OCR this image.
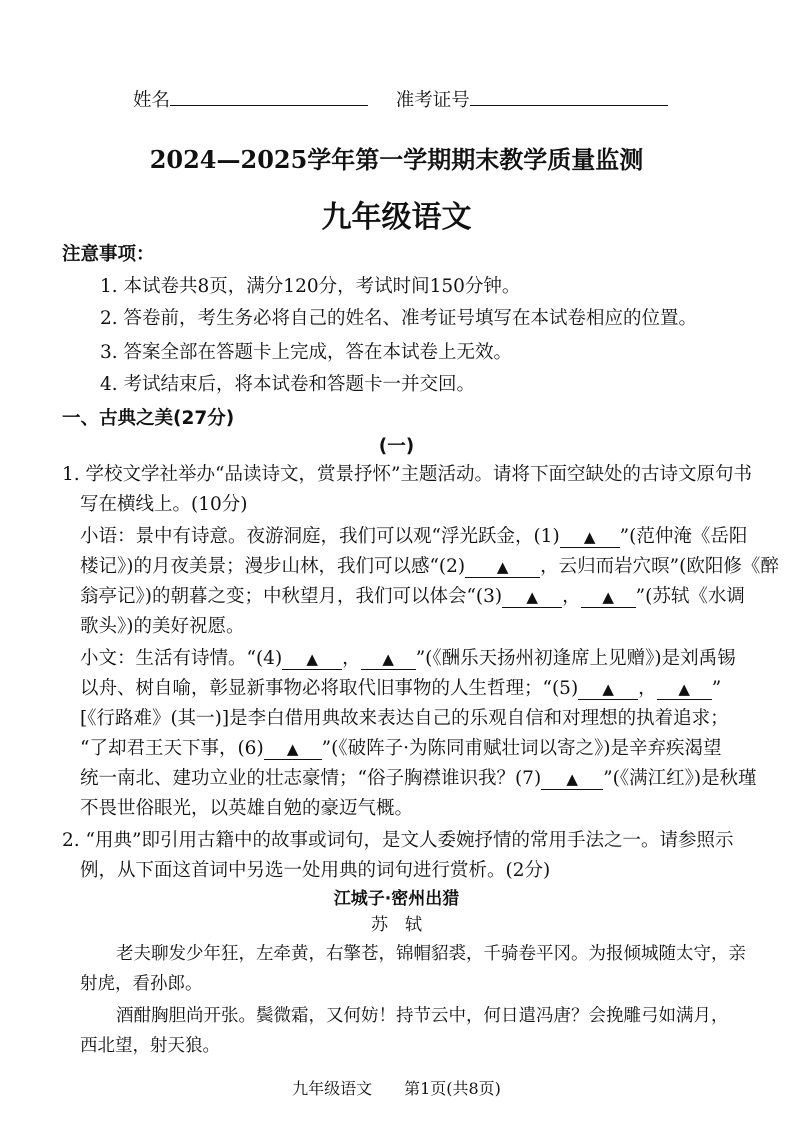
姓名	准考证号
2024—2025学年第一学期期末教学质量监测
九年级语文
注意事项：
1. 本试卷共8页，满分120分，考试时间150分钟。
2. 答卷前，考生务必将自己的姓名、准考证号填写在本试卷相应的位置。
3. 答案全部在答题卡上完成，答在本试卷上无效。
4. 考试结束后，将本试卷和答题卡一并交回。
一、古典之美(27分)
(一)
1. 学校文学社举办“品读诗文，赏景抒怀”主题活动。请将下面空缺处的古诗文原句书
写在横线上。(10分)
小语：景中有诗意。夜游洞庭，我们可以观“浮光跃金，(1) ▲ ”(范仲淹《岳阳
楼记》)的月夜美景；漫步山林，我们可以感“(2) ▲ ，云归而岩穴暝”(欧阳修《醉
翁亭记》)的朝暮之变；中秋望月，我们可以体会“(3) ▲ ， ▲ ”(苏轼《水调
歌头》)的美好祝愿。
小文：生活有诗情。“(4) ▲ ， ▲ ”(《酬乐天扬州初逢席上见赠》)是刘禹锡
以舟、树自喻，彰显新事物必将取代旧事物的人生哲理；“(5) ▲ ， ▲ ”
[《行路难》(其一)]是李白借用典故来表达自己的乐观自信和对理想的执着追求；
“了却君王天下事，(6) ▲ ”(《破阵子·为陈同甫赋壮词以寄之》)是辛弃疾渴望
统一南北、建功立业的壮志豪情；“俗子胸襟谁识我？(7) ▲ ”(《满江红》)是秋瑾
不畏世俗眼光，以英雄自勉的豪迈气概。
2. “用典”即引用古籍中的故事或词句，是文人委婉抒情的常用手法之一。请参照示
例，从下面这首词中另选一处用典的词句进行赏析。(2分)
江城子·密州出猎
苏　轼
老夫聊发少年狂，左牵黄，右擎苍，锦帽貂裘，千骑卷平冈。为报倾城随太守，亲
射虎，看孙郎。
酒酣胸胆尚开张。鬓微霜，又何妨！持节云中，何日遣冯唐？会挽雕弓如满月，
西北望，射天狼。
九年级语文　　第1页(共8页)
